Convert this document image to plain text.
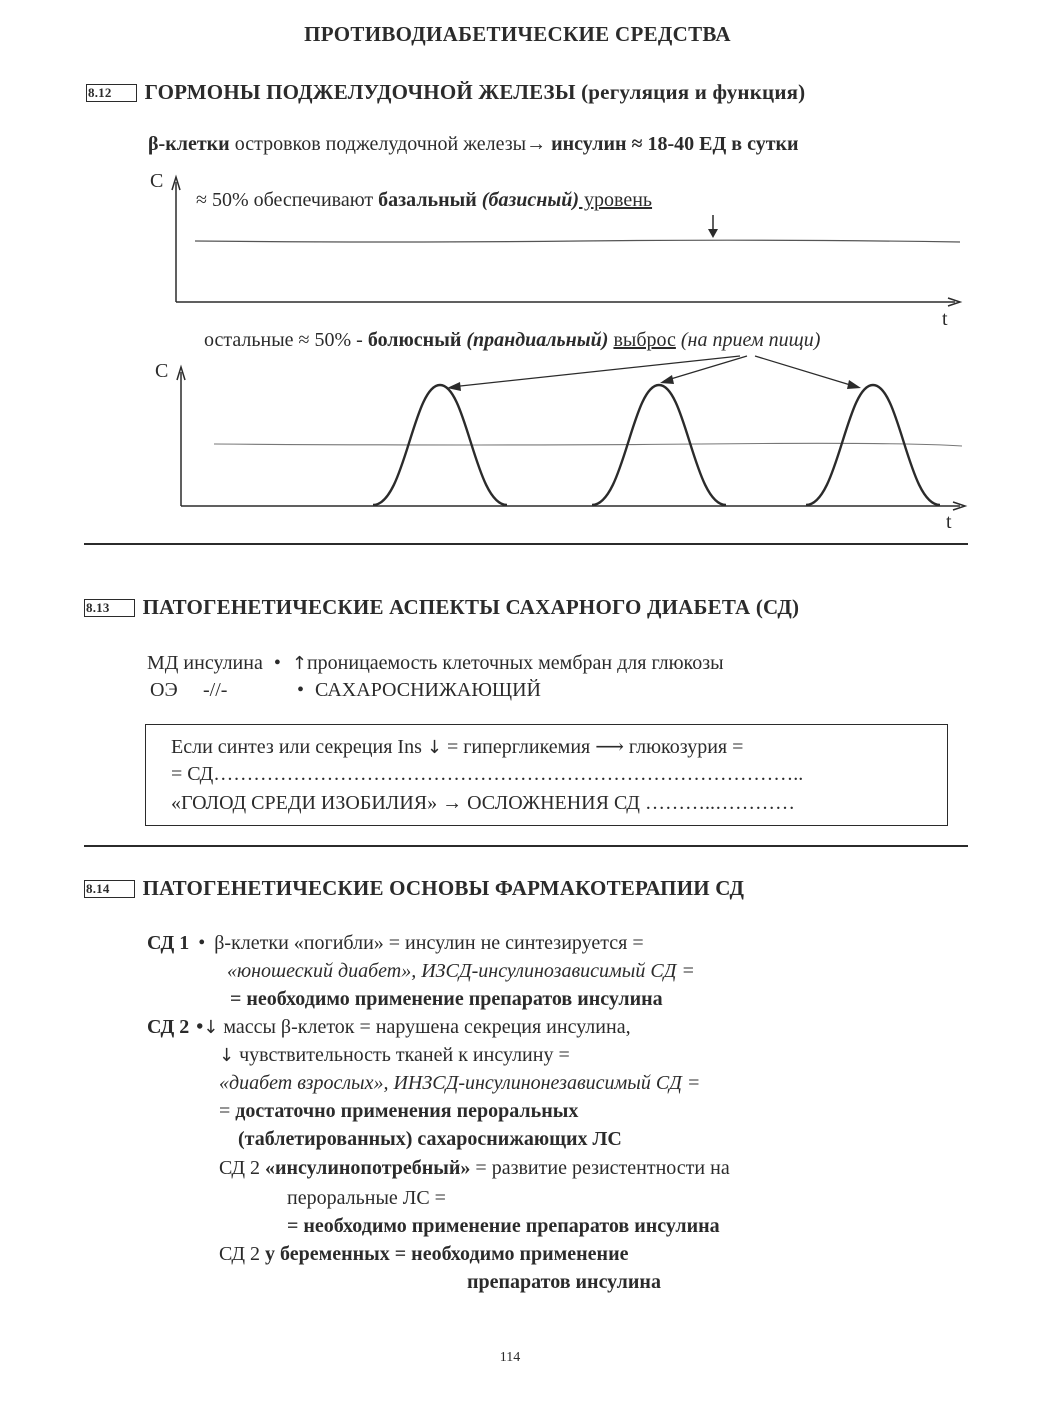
ПРОТИВОДИАБЕТИЧЕСКИЕ СРЕДСТВА
8.12 ГОРМОНЫ ПОДЖЕЛУДОЧНОЙ ЖЕЛЕЗЫ (регуляция и функция)
β-клетки островков поджелудочной железы→ инсулин ≈ 18-40 ЕД в сутки
С
t
≈ 50% обеспечивают базальный (базисный) уровень
остальные ≈ 50% - болюсный (прандиальный) выброс (на прием пищи)
С
t
8.13 ПАТОГЕНЕТИЧЕСКИЕ АСПЕКТЫ САХАРНОГО ДИАБЕТА (СД)
МД инсулина • ↑проницаемость клеточных мембран для глюкозы
ОЭ -//-	• САХАРОСНИЖАЮЩИЙ
Если синтез или секреция Ins ↓ = гипергликемия ⟶ глюкозурия =
= СД……………………………………………………………………………..
«ГОЛОД СРЕДИ ИЗОБИЛИЯ» → ОСЛОЖНЕНИЯ СД ………..…………
8.14 ПАТОГЕНЕТИЧЕСКИЕ ОСНОВЫ ФАРМАКОТЕРАПИИ СД
СД 1 • β-клетки «погибли» = инсулин не синтезируется =
«юношеский диабет», ИЗСД-инсулинозависимый СД =
= необходимо применение препаратов инсулина
СД 2 •↓ массы β-клеток = нарушена секреция инсулина,
↓ чувствительность тканей к инсулину =
«диабет взрослых», ИНЗСД-инсулинонезависимый СД =
= достаточно применения пероральных
(таблетированных) сахароснижающих ЛС
СД 2 «инсулинопотребный» = развитие резистентности на
пероральные ЛС =
= необходимо применение препаратов инсулина
СД 2 у беременных = необходимо применение
препаратов инсулина
114
